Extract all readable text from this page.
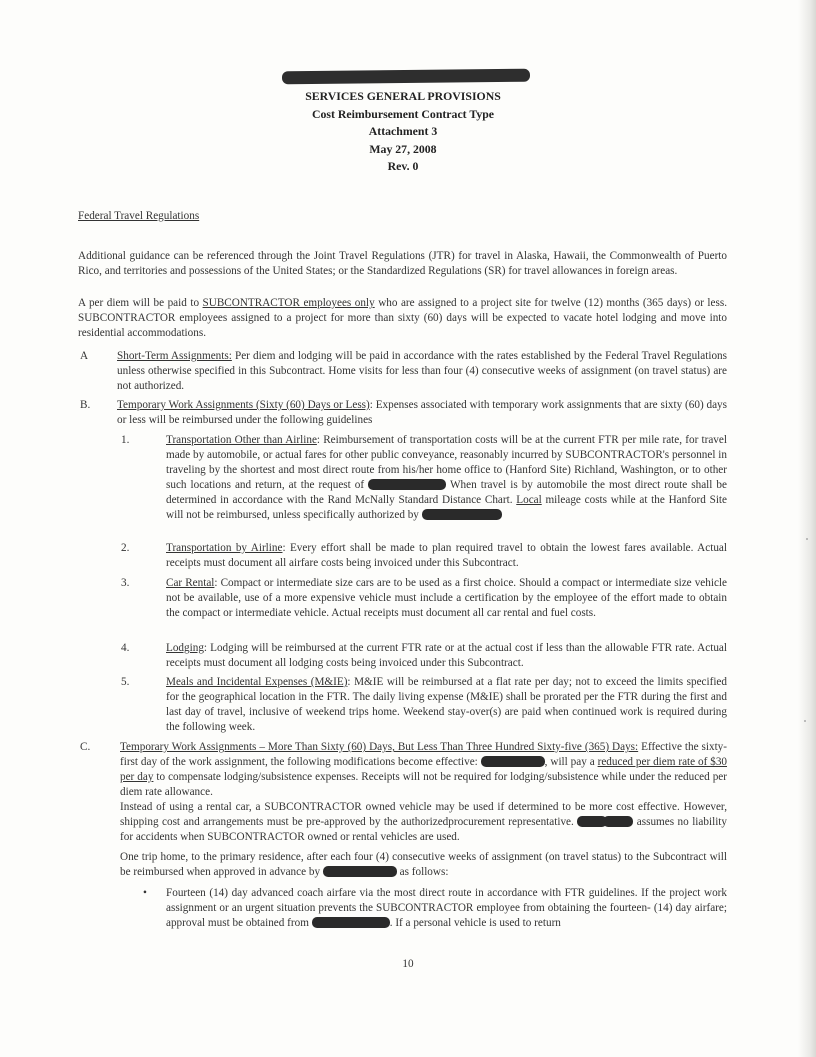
SERVICES GENERAL PROVISIONS
Cost Reimbursement Contract Type
Attachment 3
May 27, 2008
Rev. 0
Federal Travel Regulations

Additional guidance can be referenced through the Joint Travel Regulations (JTR) for travel in Alaska, Hawaii, the Commonwealth of Puerto Rico, and territories and possessions of the United States; or the Standardized Regulations (SR) for travel allowances in foreign areas.

A per diem will be paid to SUBCONTRACTOR employees only who are assigned to a project site for twelve (12) months (365 days) or less. SUBCONTRACTOR employees assigned to a project for more than sixty (60) days will be expected to vacate hotel lodging and move into residential accommodations.

A	Short-Term Assignments: Per diem and lodging will be paid in accordance with the rates established by the Federal Travel Regulations unless otherwise specified in this Subcontract. Home visits for less than four (4) consecutive weeks of assignment (on travel status) are not authorized.

B. Temporary Work Assignments (Sixty (60) Days or Less): Expenses associated with temporary work assignments that are sixty (60) days or less will be reimbursed under the following guidelines

1.	Transportation Other than Airline: Reimbursement of transportation costs will be at the current FTR per mile rate, for travel made by automobile, or actual fares for other public conveyance, reasonably incurred by SUBCONTRACTOR's personnel in traveling by the shortest and most direct route from his/her home office to (Hanford Site) Richland, Washington, or to other such locations and return, at the request of	When travel is by automobile the most direct route shall be determined in accordance with the Rand McNally Standard Distance Chart. Local mileage costs while at the Hanford Site will not be reimbursed, unless specifically authorized by

2.	Transportation by Airline: Every effort shall be made to plan required travel to obtain the lowest fares available. Actual receipts must document all airfare costs being invoiced under this Subcontract.

3.	Car Rental: Compact or intermediate size cars are to be used as a first choice. Should a compact or intermediate size vehicle not be available, use of a more expensive vehicle must include a certification by the employee of the effort made to obtain the compact or intermediate vehicle. Actual receipts must document all car rental and fuel costs.

4.	Lodging: Lodging will be reimbursed at the current FTR rate or at the actual cost if less than the allowable FTR rate. Actual receipts must document all lodging costs being invoiced under this Subcontract.

5.	Meals and Incidental Expenses (M&IE): M&IE will be reimbursed at a flat rate per day; not to exceed the limits specified for the geographical location in the FTR. The daily living expense (M&IE) shall be prorated per the FTR during the first and last day of travel, inclusive of weekend trips home. Weekend stay-over(s) are paid when continued work is required during the following week.

C.	Temporary Work Assignments – More Than Sixty (60) Days, But Less Than Three Hundred Sixty-five (365) Days: Effective the sixty-first day of the work assignment, the following modifications become effective:	, will pay a reduced per diem rate of $30 per day to compensate lodging/subsistence expenses. Receipts will not be required for lodging/subsistence while under the reduced per diem rate allowance.

Instead of using a rental car, a SUBCONTRACTOR owned vehicle may be used if determined to be more cost effective. However, shipping cost and arrangements must be pre-approved by the authorizedprocurement representative.	assumes no liability for accidents when SUBCONTRACTOR owned or rental vehicles are used.

One trip home, to the primary residence, after each four (4) consecutive weeks of assignment (on travel status) to the Subcontract will be reimbursed when approved in advance by	as follows:

• Fourteen (14) day advanced coach airfare via the most direct route in accordance with FTR guidelines. If the project work assignment or an urgent situation prevents the SUBCONTRACTOR employee from obtaining the fourteen- (14) day airfare; approval must be obtained from	. If a personal vehicle is used to return

10
